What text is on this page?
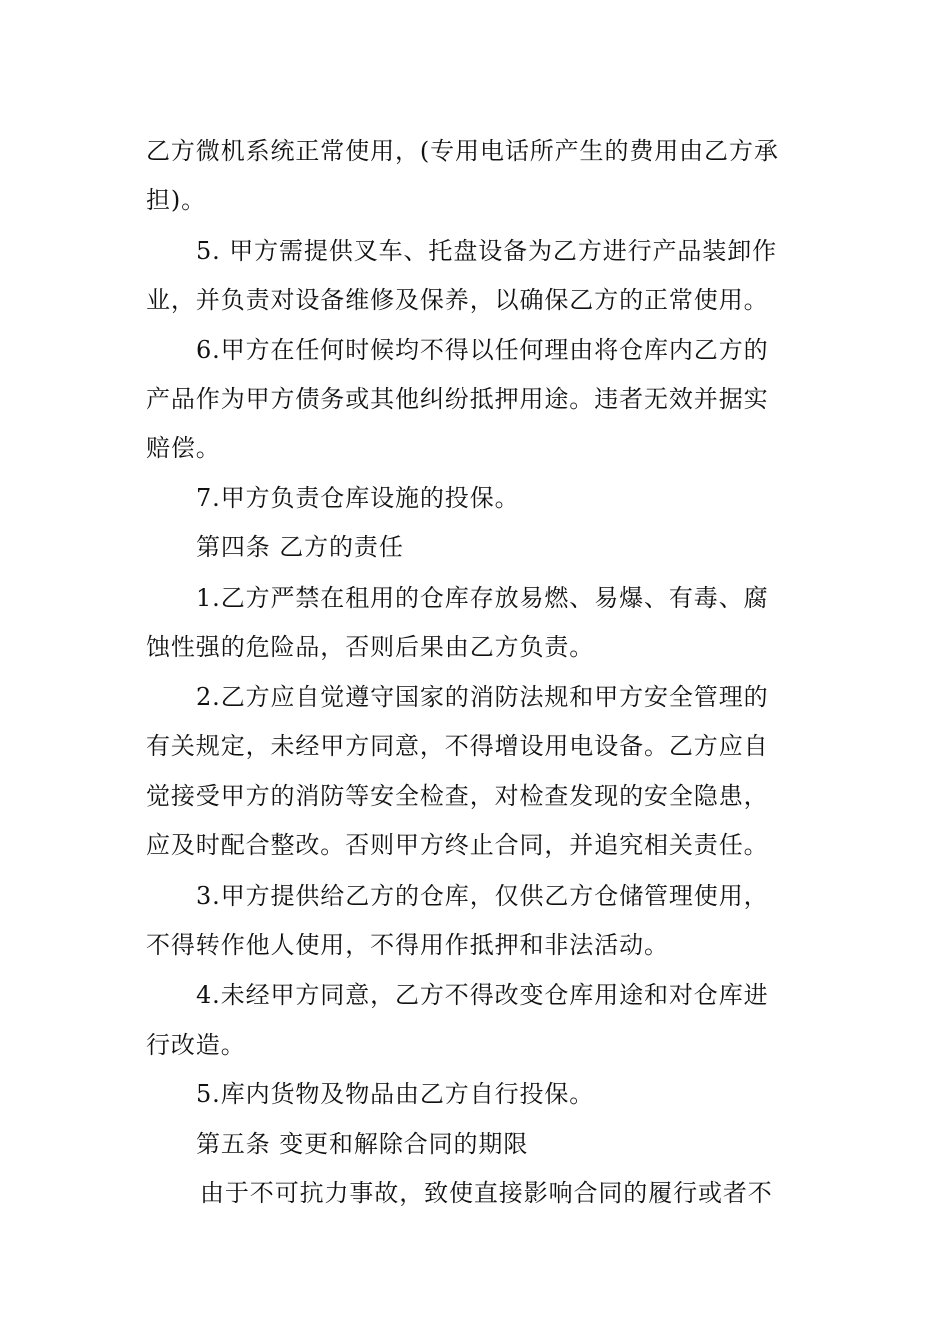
乙方微机系统正常使用，(专用电话所产生的费用由乙方承
担)。
5. 甲方需提供叉车、托盘设备为乙方进行产品装卸作
业，并负责对设备维修及保养，以确保乙方的正常使用。
6.甲方在任何时候均不得以任何理由将仓库内乙方的
产品作为甲方债务或其他纠纷抵押用途。违者无效并据实
赔偿。
7.甲方负责仓库设施的投保。
第四条 乙方的责任
1.乙方严禁在租用的仓库存放易燃、易爆、有毒、腐
蚀性强的危险品，否则后果由乙方负责。
2.乙方应自觉遵守国家的消防法规和甲方安全管理的
有关规定，未经甲方同意，不得增设用电设备。乙方应自
觉接受甲方的消防等安全检查，对检查发现的安全隐患，
应及时配合整改。否则甲方终止合同，并追究相关责任。
3.甲方提供给乙方的仓库，仅供乙方仓储管理使用，
不得转作他人使用，不得用作抵押和非法活动。
4.未经甲方同意，乙方不得改变仓库用途和对仓库进
行改造。
5.库内货物及物品由乙方自行投保。
第五条 变更和解除合同的期限
由于不可抗力事故，致使直接影响合同的履行或者不
